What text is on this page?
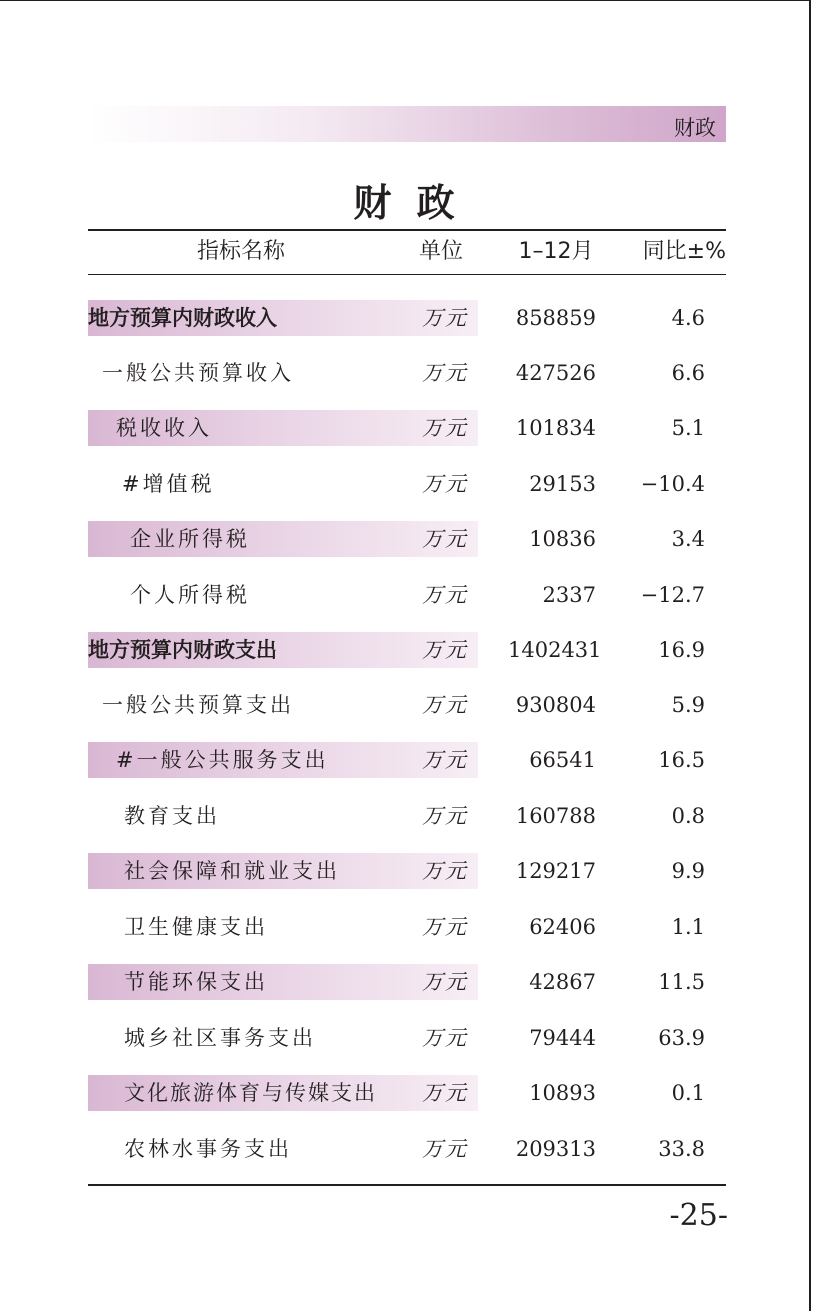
财政
财 政
指标名称	单位	1–12月	同比±%
地方预算内财政收入	万元	858859	4.6
一般公共预算收入	万元	427526	6.6
税收收入	万元	101834	5.1
#增值税	万元	29153	−10.4
企业所得税	万元	10836	3.4
个人所得税	万元	2337	−12.7
地方预算内财政支出	万元 1402431	16.9
一般公共预算支出	万元	930804	5.9
#一般公共服务支出	万元	66541	16.5
教育支出	万元	160788	0.8
社会保障和就业支出	万元	129217	9.9
卫生健康支出	万元	62406	1.1
节能环保支出	万元	42867	11.5
城乡社区事务支出	万元	79444	63.9
文化旅游体育与传媒支出 万元	10893	0.1
农林水事务支出	万元	209313	33.8
-25-
